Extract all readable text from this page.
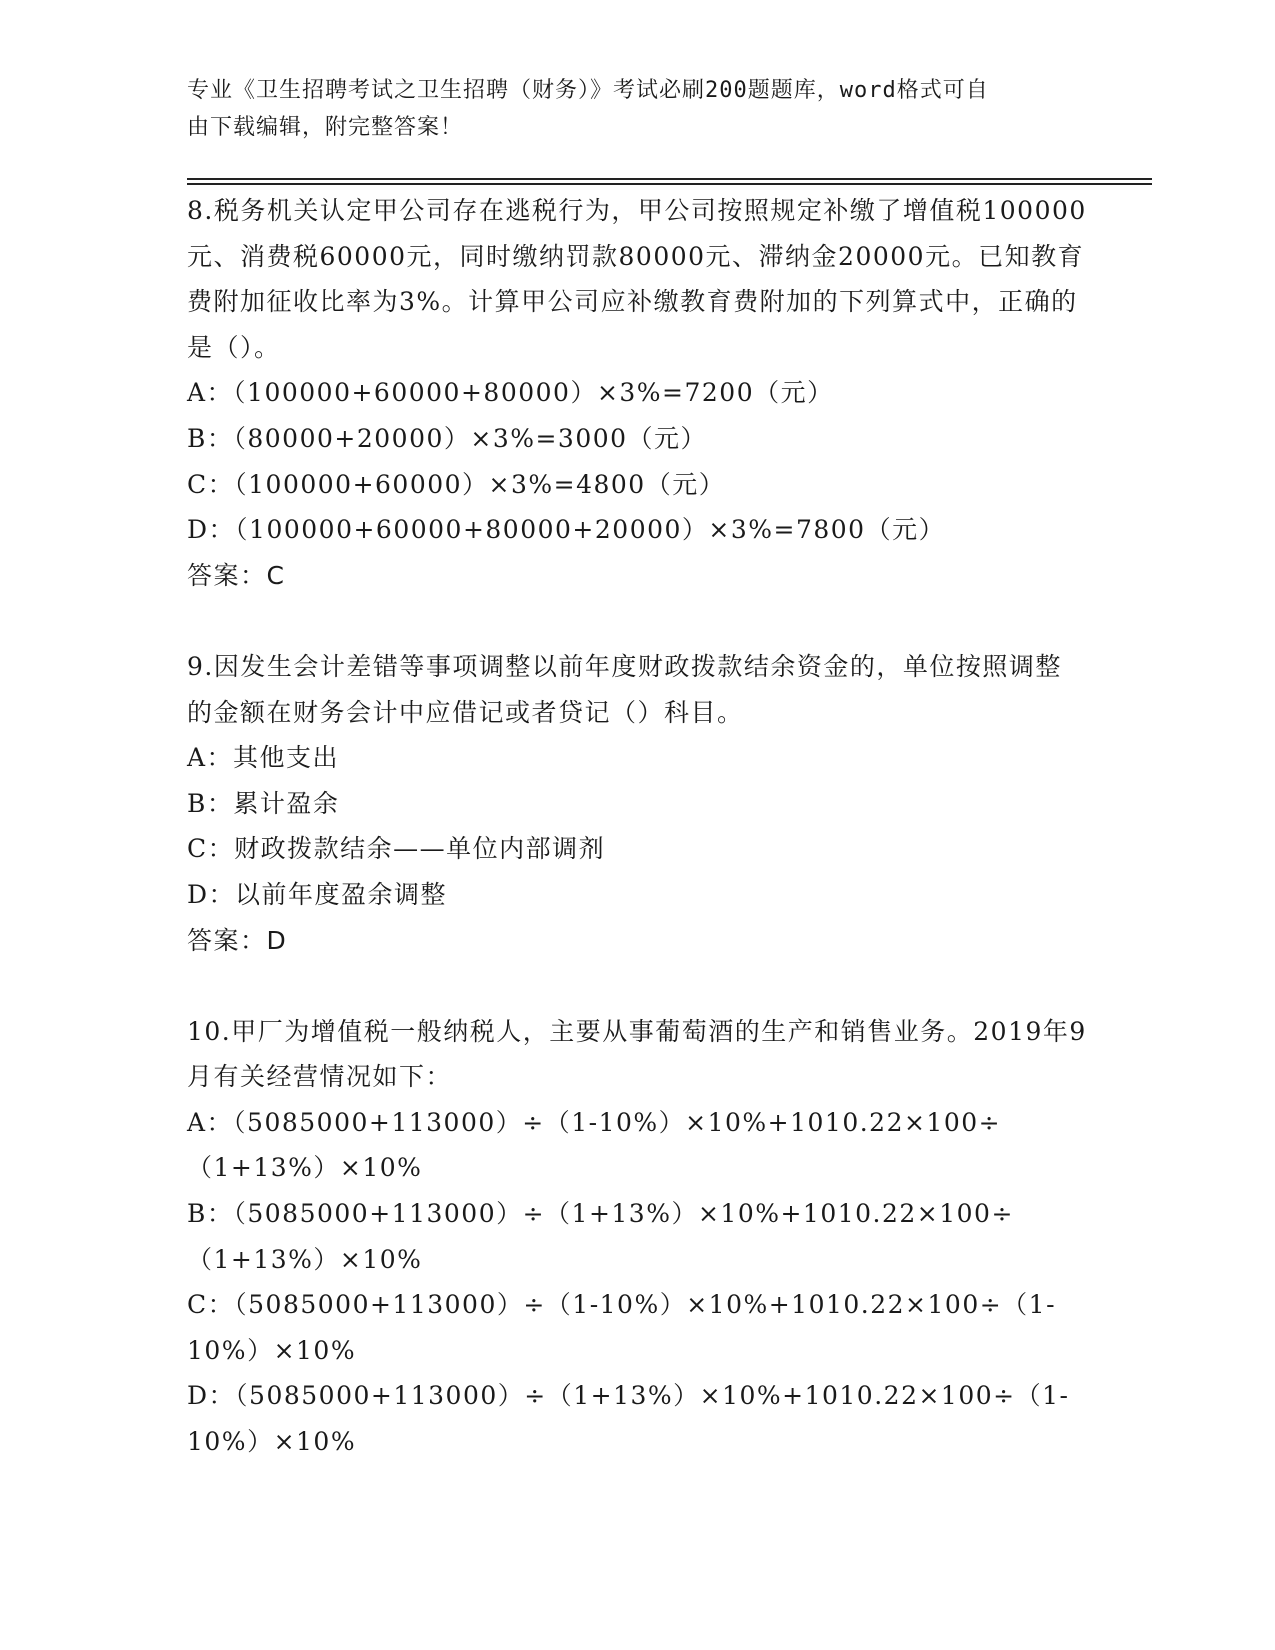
专业《卫生招聘考试之卫生招聘（财务）》考试必刷200题题库，word格式可自
由下载编辑，附完整答案！
8.税务机关认定甲公司存在逃税行为，甲公司按照规定补缴了增值税100000元、消费税60000元，同时缴纳罚款80000元、滞纳金20000元。已知教育费附加征收比率为3%。计算甲公司应补缴教育费附加的下列算式中，正确的是（）。
A：（100000+60000+80000）×3%=7200（元）
B：（80000+20000）×3%=3000（元）
C：（100000+60000）×3%=4800（元）
D：（100000+60000+80000+20000）×3%=7800（元）
答案：C
9.因发生会计差错等事项调整以前年度财政拨款结余资金的，单位按照调整的金额在财务会计中应借记或者贷记（）科目。
A：其他支出
B：累计盈余
C：财政拨款结余——单位内部调剂
D：以前年度盈余调整
答案：D
10.甲厂为增值税一般纳税人，主要从事葡萄酒的生产和销售业务。2019年9月有关经营情况如下：
A：（5085000+113000）÷（1-10%）×10%+1010.22×100÷（1+13%）×10%
B：（5085000+113000）÷（1+13%）×10%+1010.22×100÷（1+13%）×10%
C：（5085000+113000）÷（1-10%）×10%+1010.22×100÷（1-10%）×10%
D：（5085000+113000）÷（1+13%）×10%+1010.22×100÷（1-10%）×10%
